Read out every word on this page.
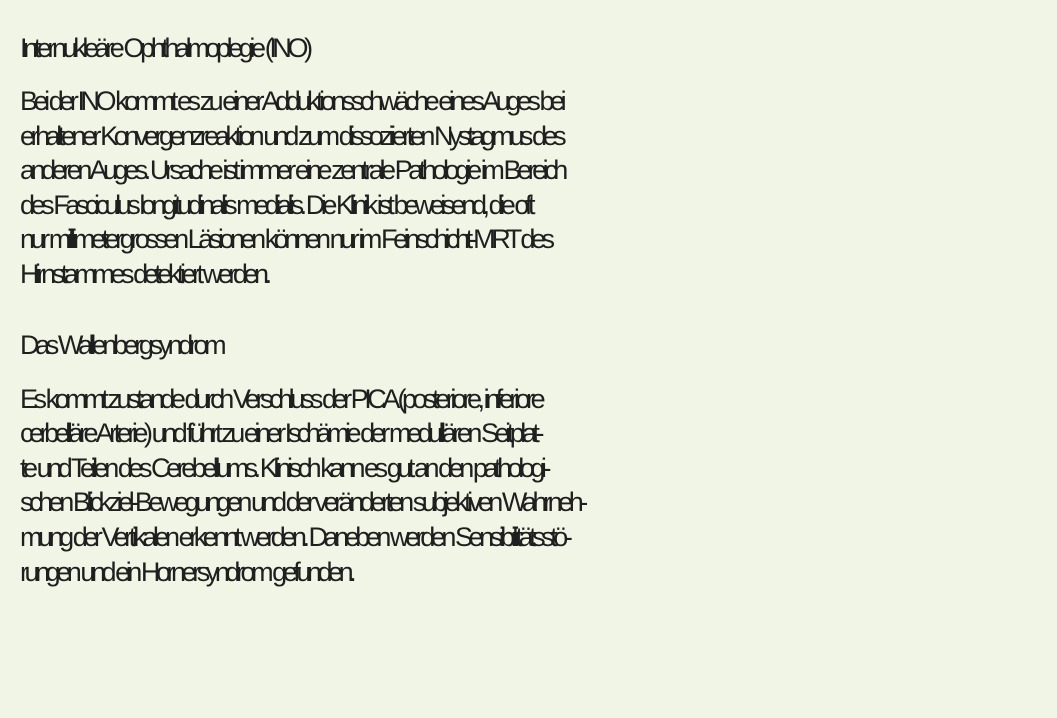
Internukleäre Ophthalmoplegie (INO)
Bei der INO kommt es zu einer Adduktionsschwäche eines Auges bei
erhaltener Konvergenzreaktion und zum dissoziierten Nystagmus des
anderen Auges. Ursache ist immer eine zentrale Pathologie im Bereich
des Fasciculus longitudinalis medialis. Die Klinik ist beweisend, die oft
nur millimetergrossen Läsionen können nur im Feinschicht-MRT des
Hirnstammes detektiert werden.
Das Wallenbergsyndrom
Es kommt zustande durch Verschluss der PICA (posteriore, inferiore
cerbelläre Arterie) und führt zu einer Ischämie der medullären Seitplat-
te und Teilen des Cerebellums. Klinisch kann es gut an den pathologi-
schen Blickziel-Bewegungen und der veränderten subjektiven Wahrneh-
mung der Vertikalen erkennt werden. Daneben werden Sensibilitätsstö-
rungen und ein Hornersyndrom gefunden.
